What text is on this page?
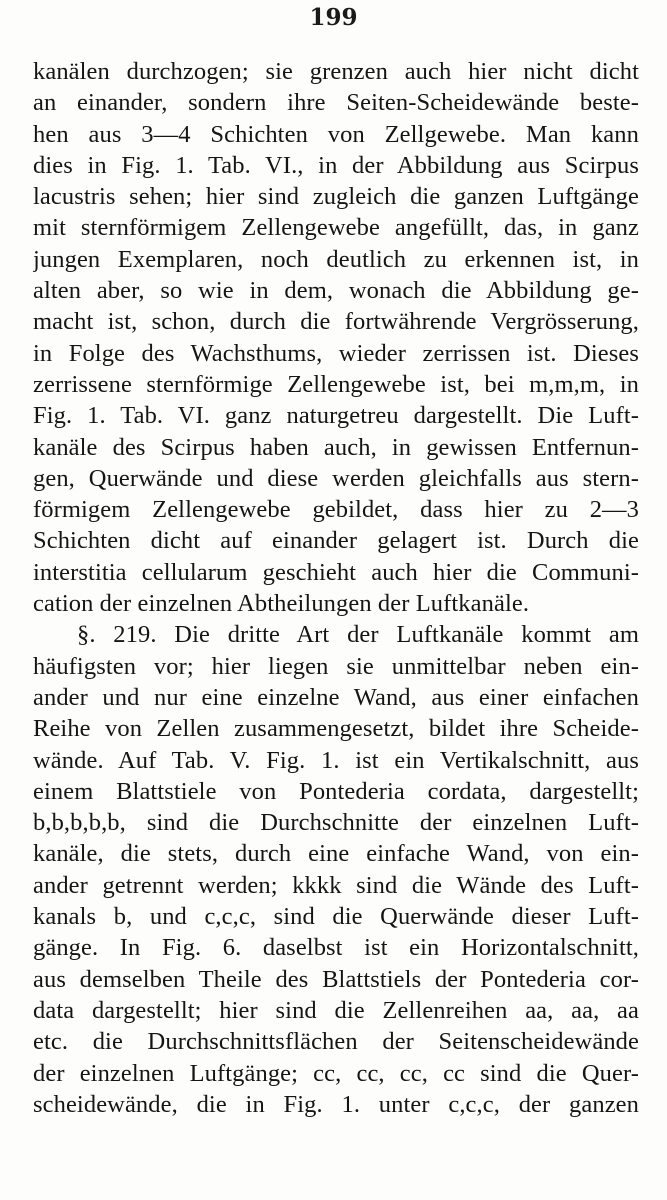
199
kanälen durchzogen; sie grenzen auch hier nicht dicht
an einander, sondern ihre Seiten-Scheidewände beste-
hen aus 3—4 Schichten von Zellgewebe. Man kann
dies in Fig. 1. Tab. VI., in der Abbildung aus Scirpus
lacustris sehen; hier sind zugleich die ganzen Luftgänge
mit sternförmigem Zellengewebe angefüllt, das, in ganz
jungen Exemplaren, noch deutlich zu erkennen ist, in
alten aber, so wie in dem, wonach die Abbildung ge-
macht ist, schon, durch die fortwährende Vergrösserung,
in Folge des Wachsthums, wieder zerrissen ist. Dieses
zerrissene sternförmige Zellengewebe ist, bei m,m,m, in
Fig. 1. Tab. VI. ganz naturgetreu dargestellt. Die Luft-
kanäle des Scirpus haben auch, in gewissen Entfernun-
gen, Querwände und diese werden gleichfalls aus stern-
förmigem Zellengewebe gebildet, dass hier zu 2—3
Schichten dicht auf einander gelagert ist. Durch die
interstitia cellularum geschieht auch hier die Communi-
cation der einzelnen Abtheilungen der Luftkanäle.
§. 219. Die dritte Art der Luftkanäle kommt am
häufigsten vor; hier liegen sie unmittelbar neben ein-
ander und nur eine einzelne Wand, aus einer einfachen
Reihe von Zellen zusammengesetzt, bildet ihre Scheide-
wände. Auf Tab. V. Fig. 1. ist ein Vertikalschnitt, aus
einem Blattstiele von Pontederia cordata, dargestellt;
b,b,b,b,b, sind die Durchschnitte der einzelnen Luft-
kanäle, die stets, durch eine einfache Wand, von ein-
ander getrennt werden; kkkk sind die Wände des Luft-
kanals b, und c,c,c, sind die Querwände dieser Luft-
gänge. In Fig. 6. daselbst ist ein Horizontalschnitt,
aus demselben Theile des Blattstiels der Pontederia cor-
data dargestellt; hier sind die Zellenreihen aa, aa, aa
etc. die Durchschnittsflächen der Seitenscheidewände
der einzelnen Luftgänge; cc, cc, cc, cc sind die Quer-
scheidewände, die in Fig. 1. unter c,c,c, der ganzen
